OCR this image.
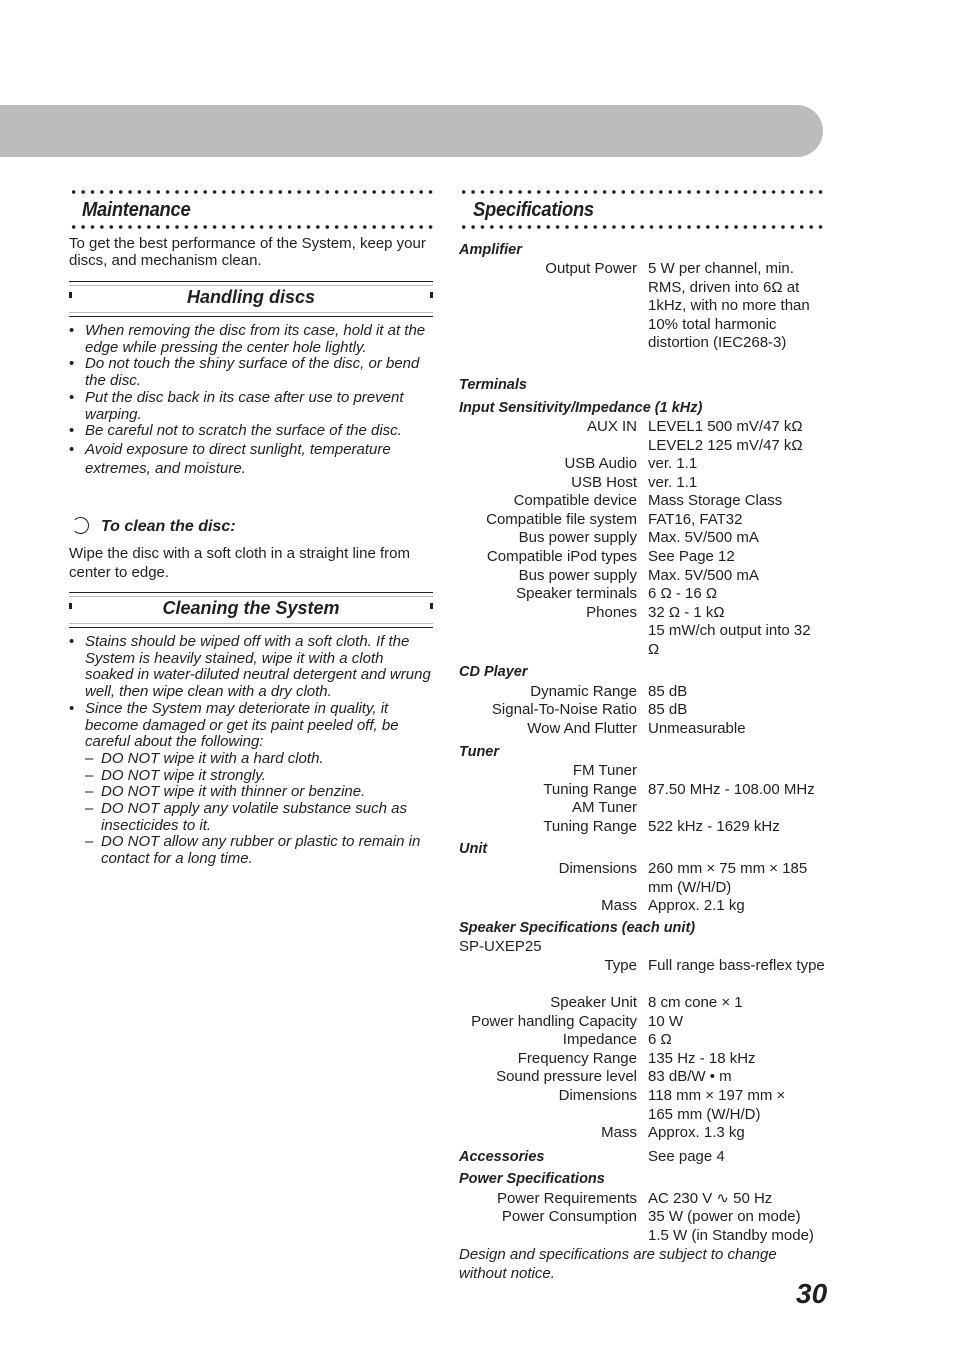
Maintenance

To get the best performance of the System, keep your discs, and mechanism clean.

Handling discs
• When removing the disc from its case, hold it at the edge while pressing the center hole lightly.
• Do not touch the shiny surface of the disc, or bend the disc.
• Put the disc back in its case after use to prevent warping.
• Be careful not to scratch the surface of the disc.
• Avoid exposure to direct sunlight, temperature extremes, and moisture.
To clean the disc:

Wipe the disc with a soft cloth in a straight line from center to edge.

Cleaning the System
• Stains should be wiped off with a soft cloth. If the System is heavily stained, wipe it with a cloth soaked in water-diluted neutral detergent and wrung well, then wipe clean with a dry cloth.
• Since the System may deteriorate in quality, it become damaged or get its paint peeled off, be careful about the following:
– DO NOT wipe it with a hard cloth.
– DO NOT wipe it strongly.
– DO NOT wipe it with thinner or benzine.
– DO NOT apply any volatile substance such as insecticides to it.
– DO NOT allow any rubber or plastic to remain in contact for a long time.
Specifications
Amplifier
Output Power 5 W per channel, min. RMS, driven into 6Ω at 1kHz, with no more than 10% total harmonic distortion (IEC268-3)
Terminals
Input Sensitivity/Impedance (1 kHz)
AUX IN LEVEL1 500 mV/47 kΩ
LEVEL2 125 mV/47 kΩ
USB Audio ver. 1.1
USB Host ver. 1.1
Compatible device Mass Storage Class
Compatible file system FAT16, FAT32
Bus power supply Max. 5V/500 mA
Compatible iPod types See Page 12
Bus power supply Max. 5V/500 mA
Speaker terminals 6 Ω - 16 Ω
Phones 32 Ω - 1 kΩ
15 mW/ch output into 32 Ω
CD Player
Dynamic Range 85 dB
Signal-To-Noise Ratio 85 dB
Wow And Flutter Unmeasurable
Tuner
FM Tuner
Tuning Range 87.50 MHz - 108.00 MHz
AM Tuner
Tuning Range 522 kHz - 1629 kHz
Unit
Dimensions 260 mm × 75 mm × 185 mm (W/H/D)
Mass Approx. 2.1 kg
Speaker Specifications (each unit)
SP-UXEP25
Type Full range bass-reflex type
Speaker Unit 8 cm cone × 1
Power handling Capacity 10 W
Impedance 6 Ω
Frequency Range 135 Hz - 18 kHz
Sound pressure level 83 dB/W • m
Dimensions 118 mm × 197 mm × 165 mm (W/H/D)
Mass Approx. 1.3 kg
Accessories	See page 4
Power Specifications
Power Requirements AC 230 V ∿ 50 Hz
Power Consumption 35 W (power on mode)
1.5 W (in Standby mode)

Design and specifications are subject to change without notice.

30
